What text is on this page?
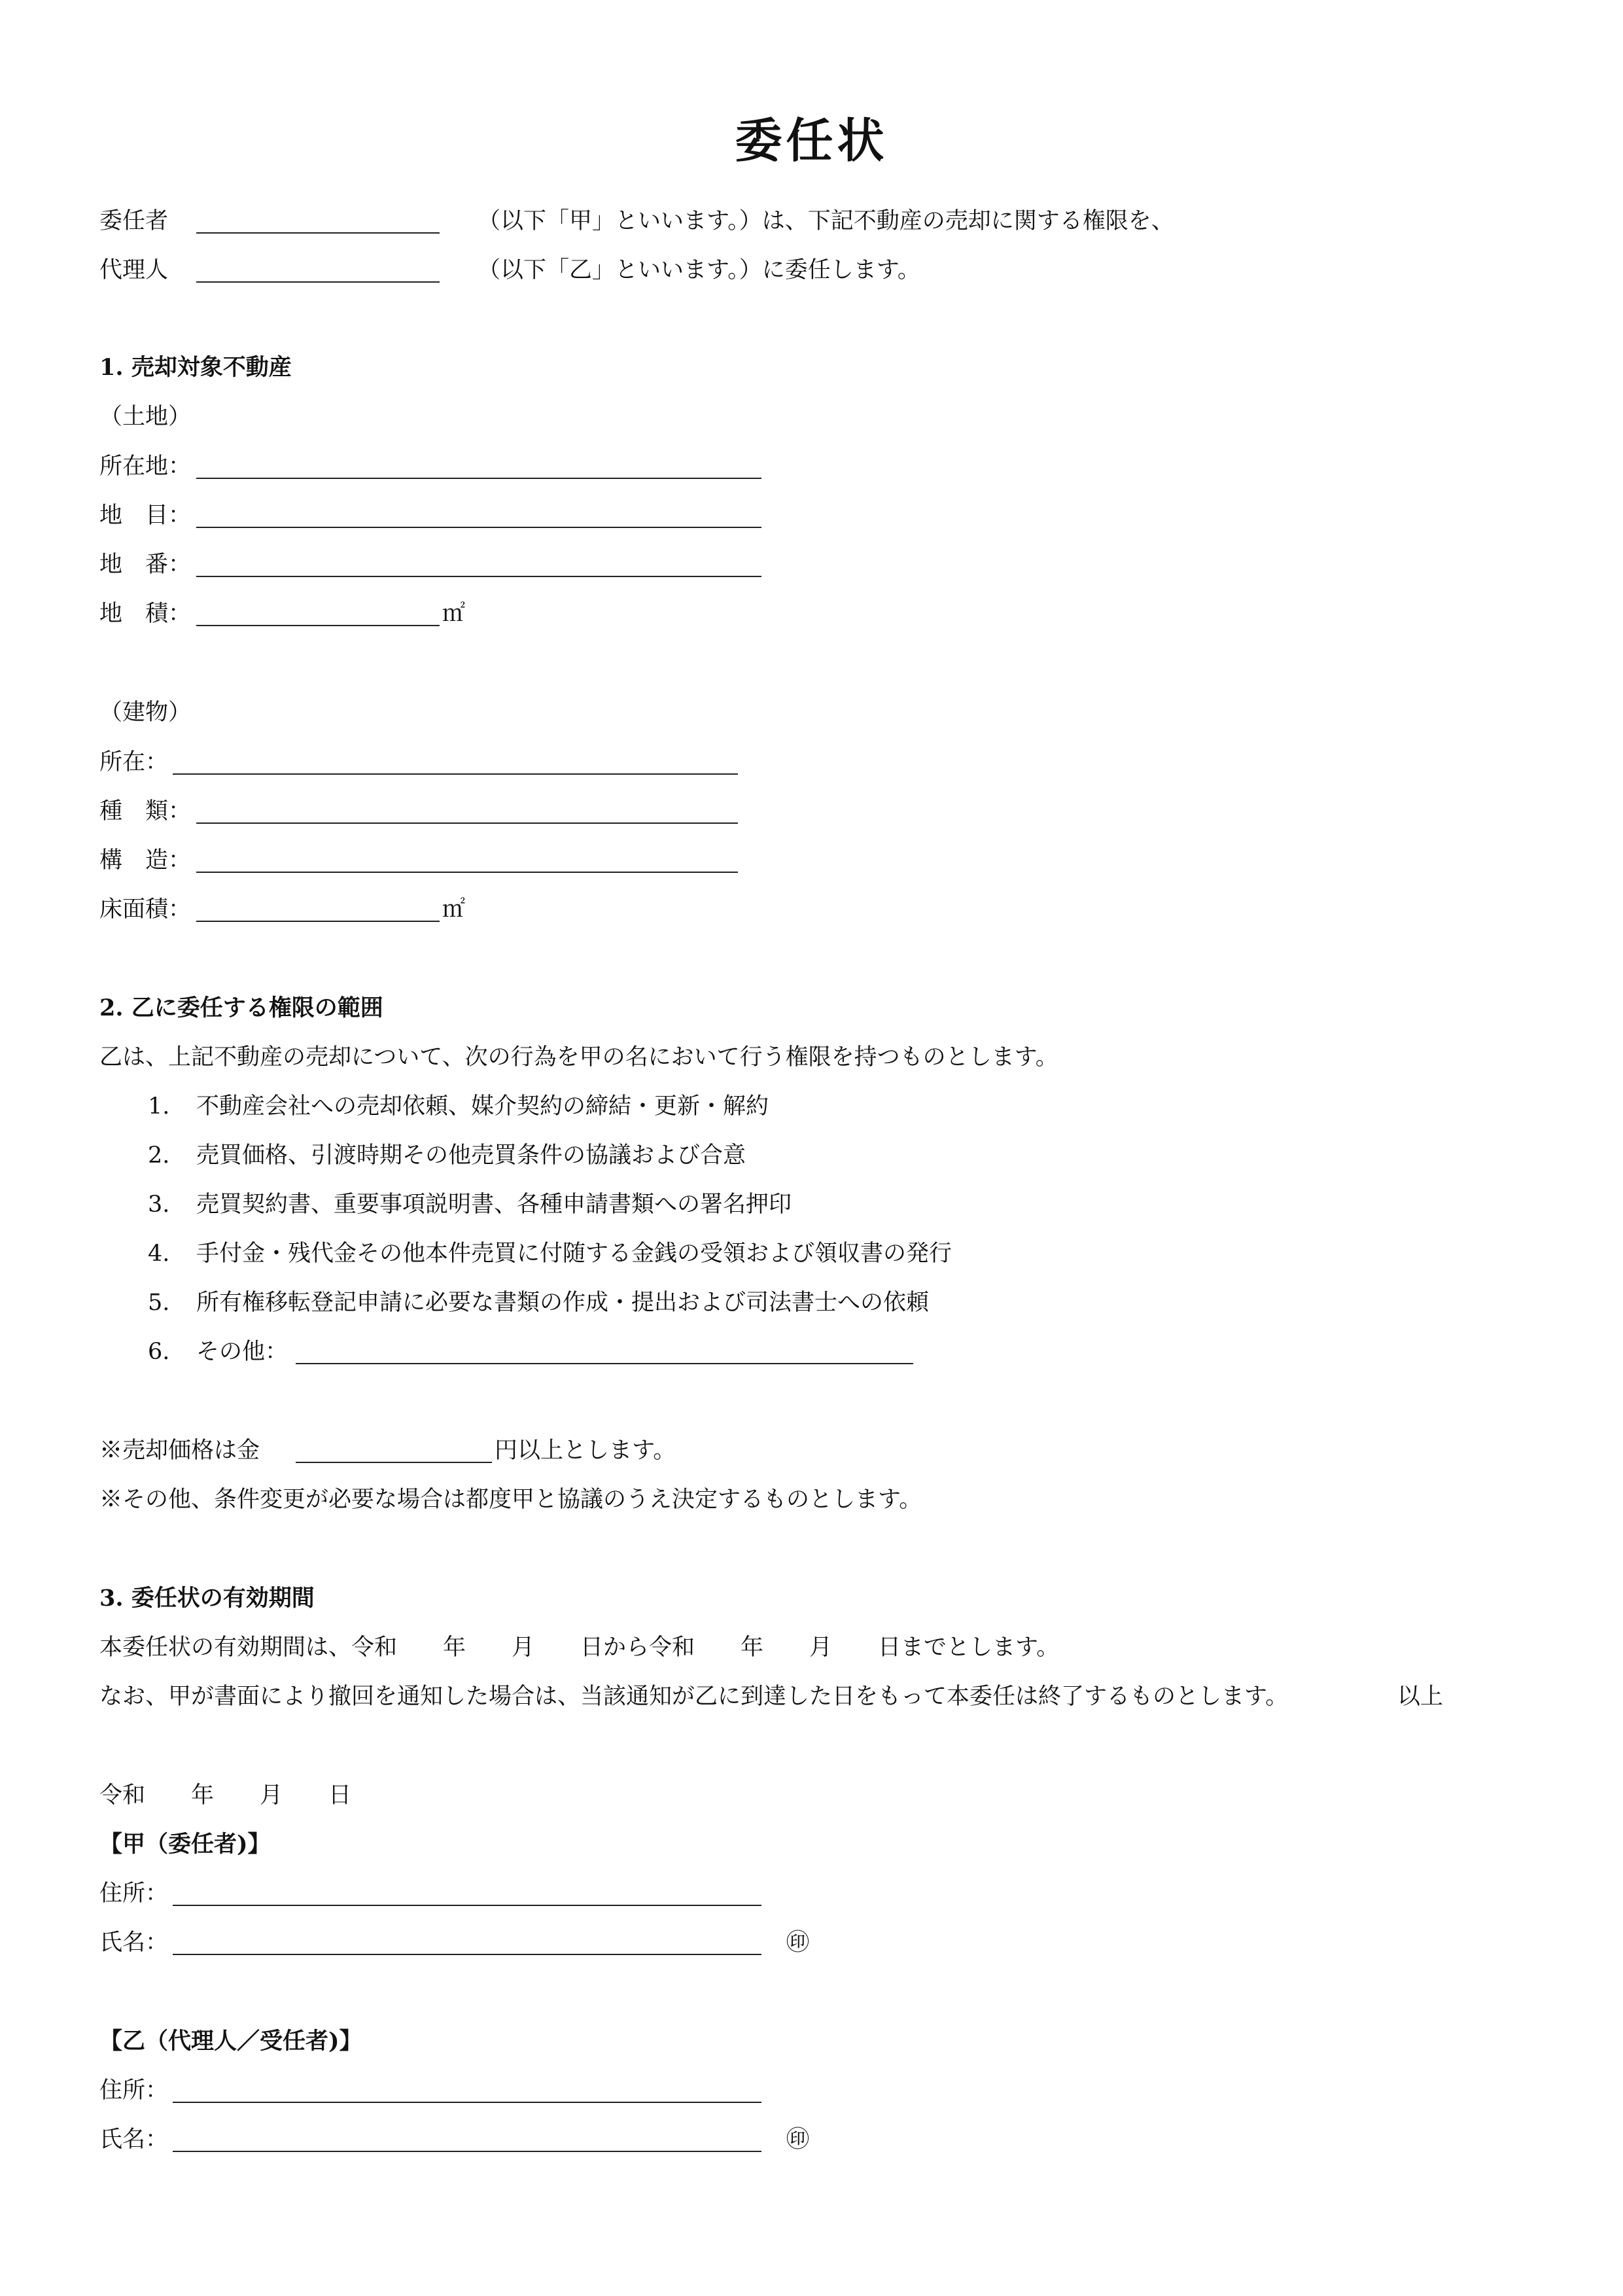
委任状
委任者	（以下「甲」といいます。）は、下記不動産の売却に関する権限を、
代理人	（以下「乙」といいます。）に委任します。
1. 売却対象不動産
（土地）
所在地：
地　目：
地　番：
地　積：	㎡
（建物）
所在：
種　類：
構　造：
床面積：	㎡
2. 乙に委任する権限の範囲
乙は、上記不動産の売却について、次の行為を甲の名において行う権限を持つものとします。
1. 不動産会社への売却依頼、媒介契約の締結・更新・解約
2. 売買価格、引渡時期その他売買条件の協議および合意
3. 売買契約書、重要事項説明書、各種申請書類への署名押印
4. 手付金・残代金その他本件売買に付随する金銭の受領および領収書の発行
5. 所有権移転登記申請に必要な書類の作成・提出および司法書士への依頼
6. その他：
※売却価格は金	円以上とします。
※その他、条件変更が必要な場合は都度甲と協議のうえ決定するものとします。
3. 委任状の有効期間
本委任状の有効期間は、令和　　年　　月　　日から令和　　年　　月　　日までとします。
なお、甲が書面により撤回を通知した場合は、当該通知が乙に到達した日をもって本委任は終了するものとします。	以上
令和　　年　　月　　日
【甲（委任者)】
住所：
氏名：	㊞
【乙（代理人／受任者)】
住所：
氏名：	㊞
